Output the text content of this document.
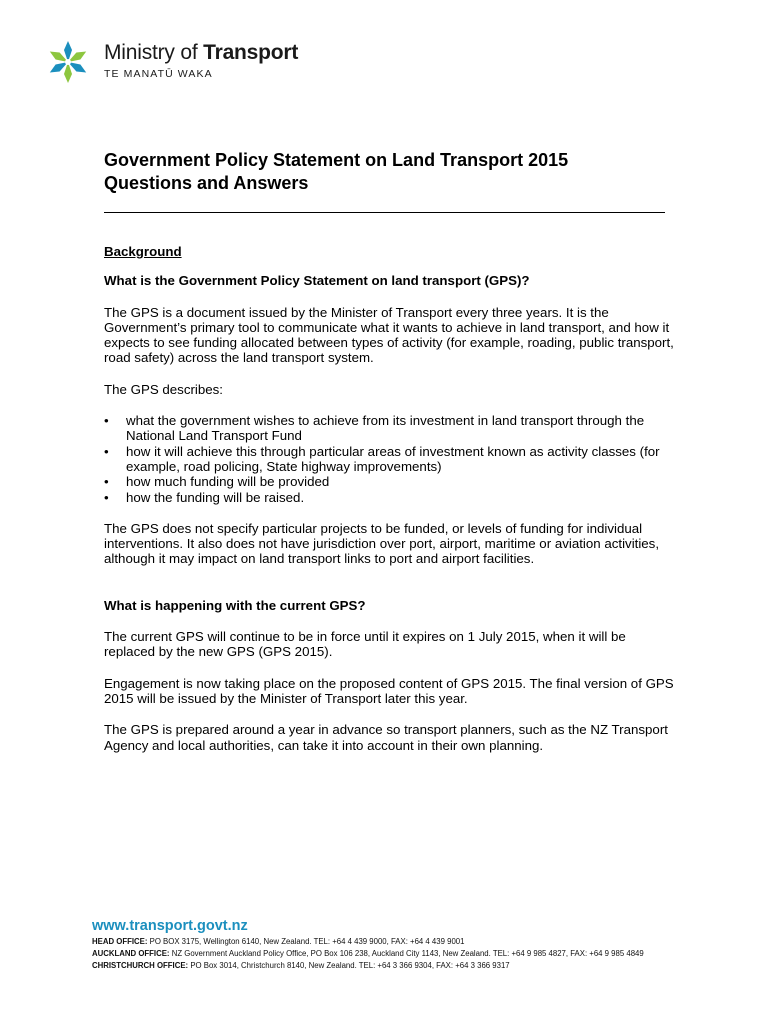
Ministry of Transport
TE MANATŪ WAKA
Government Policy Statement on Land Transport 2015
Questions and Answers

Background

What is the Government Policy Statement on land transport (GPS)?

The GPS is a document issued by the Minister of Transport every three years. It is the Government’s primary tool to communicate what it wants to achieve in land transport, and how it expects to see funding allocated between types of activity (for example, roading, public transport, road safety) across the land transport system.

The GPS describes:

• what the government wishes to achieve from its investment in land transport through the National Land Transport Fund
• how it will achieve this through particular areas of investment known as activity classes (for example, road policing, State highway improvements)
• how much funding will be provided
• how the funding will be raised.

The GPS does not specify particular projects to be funded, or levels of funding for individual interventions. It also does not have jurisdiction over port, airport, maritime or aviation activities, although it may impact on land transport links to port and airport facilities.

What is happening with the current GPS?

The current GPS will continue to be in force until it expires on 1 July 2015, when it will be replaced by the new GPS (GPS 2015).

Engagement is now taking place on the proposed content of GPS 2015. The final version of GPS 2015 will be issued by the Minister of Transport later this year.

The GPS is prepared around a year in advance so transport planners, such as the NZ Transport Agency and local authorities, can take it into account in their own planning.

www.transport.govt.nz
HEAD OFFICE: PO BOX 3175, Wellington 6140, New Zealand. TEL: +64 4 439 9000, FAX: +64 4 439 9001
AUCKLAND OFFICE: NZ Government Auckland Policy Office, PO Box 106 238, Auckland City 1143, New Zealand. TEL: +64 9 985 4827, FAX: +64 9 985 4849
CHRISTCHURCH OFFICE: PO Box 3014, Christchurch 8140, New Zealand. TEL: +64 3 366 9304, FAX: +64 3 366 9317
